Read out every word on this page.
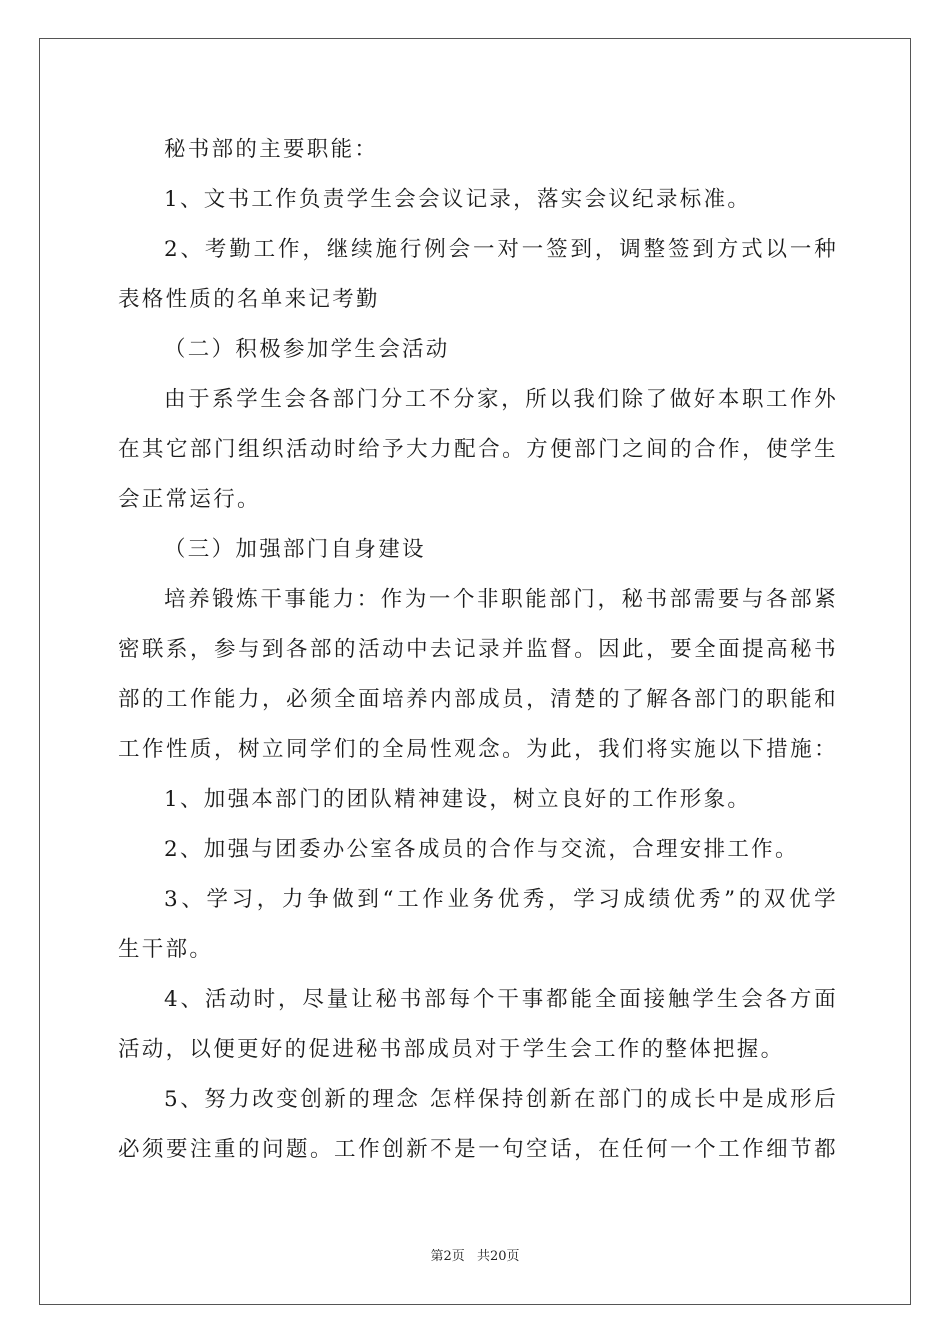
秘书部的主要职能：
1、文书工作负责学生会会议记录，落实会议纪录标准。
2、考勤工作，继续施行例会一对一签到，调整签到方式以一种
表格性质的名单来记考勤
（二）积极参加学生会活动
由于系学生会各部门分工不分家，所以我们除了做好本职工作外
在其它部门组织活动时给予大力配合。方便部门之间的合作，使学生
会正常运行。
（三）加强部门自身建设
培养锻炼干事能力：作为一个非职能部门，秘书部需要与各部紧
密联系，参与到各部的活动中去记录并监督。因此，要全面提高秘书
部的工作能力，必须全面培养内部成员，清楚的了解各部门的职能和
工作性质，树立同学们的全局性观念。为此，我们将实施以下措施：
1、加强本部门的团队精神建设，树立良好的工作形象。
2、加强与团委办公室各成员的合作与交流，合理安排工作。
3、学习，力争做到“工作业务优秀，学习成绩优秀”的双优学
生干部。
4、活动时，尽量让秘书部每个干事都能全面接触学生会各方面
活动，以便更好的促进秘书部成员对于学生会工作的整体把握。
5、努力改变创新的理念 怎样保持创新在部门的成长中是成形后
必须要注重的问题。工作创新不是一句空话，在任何一个工作细节都
第2页 共20页
